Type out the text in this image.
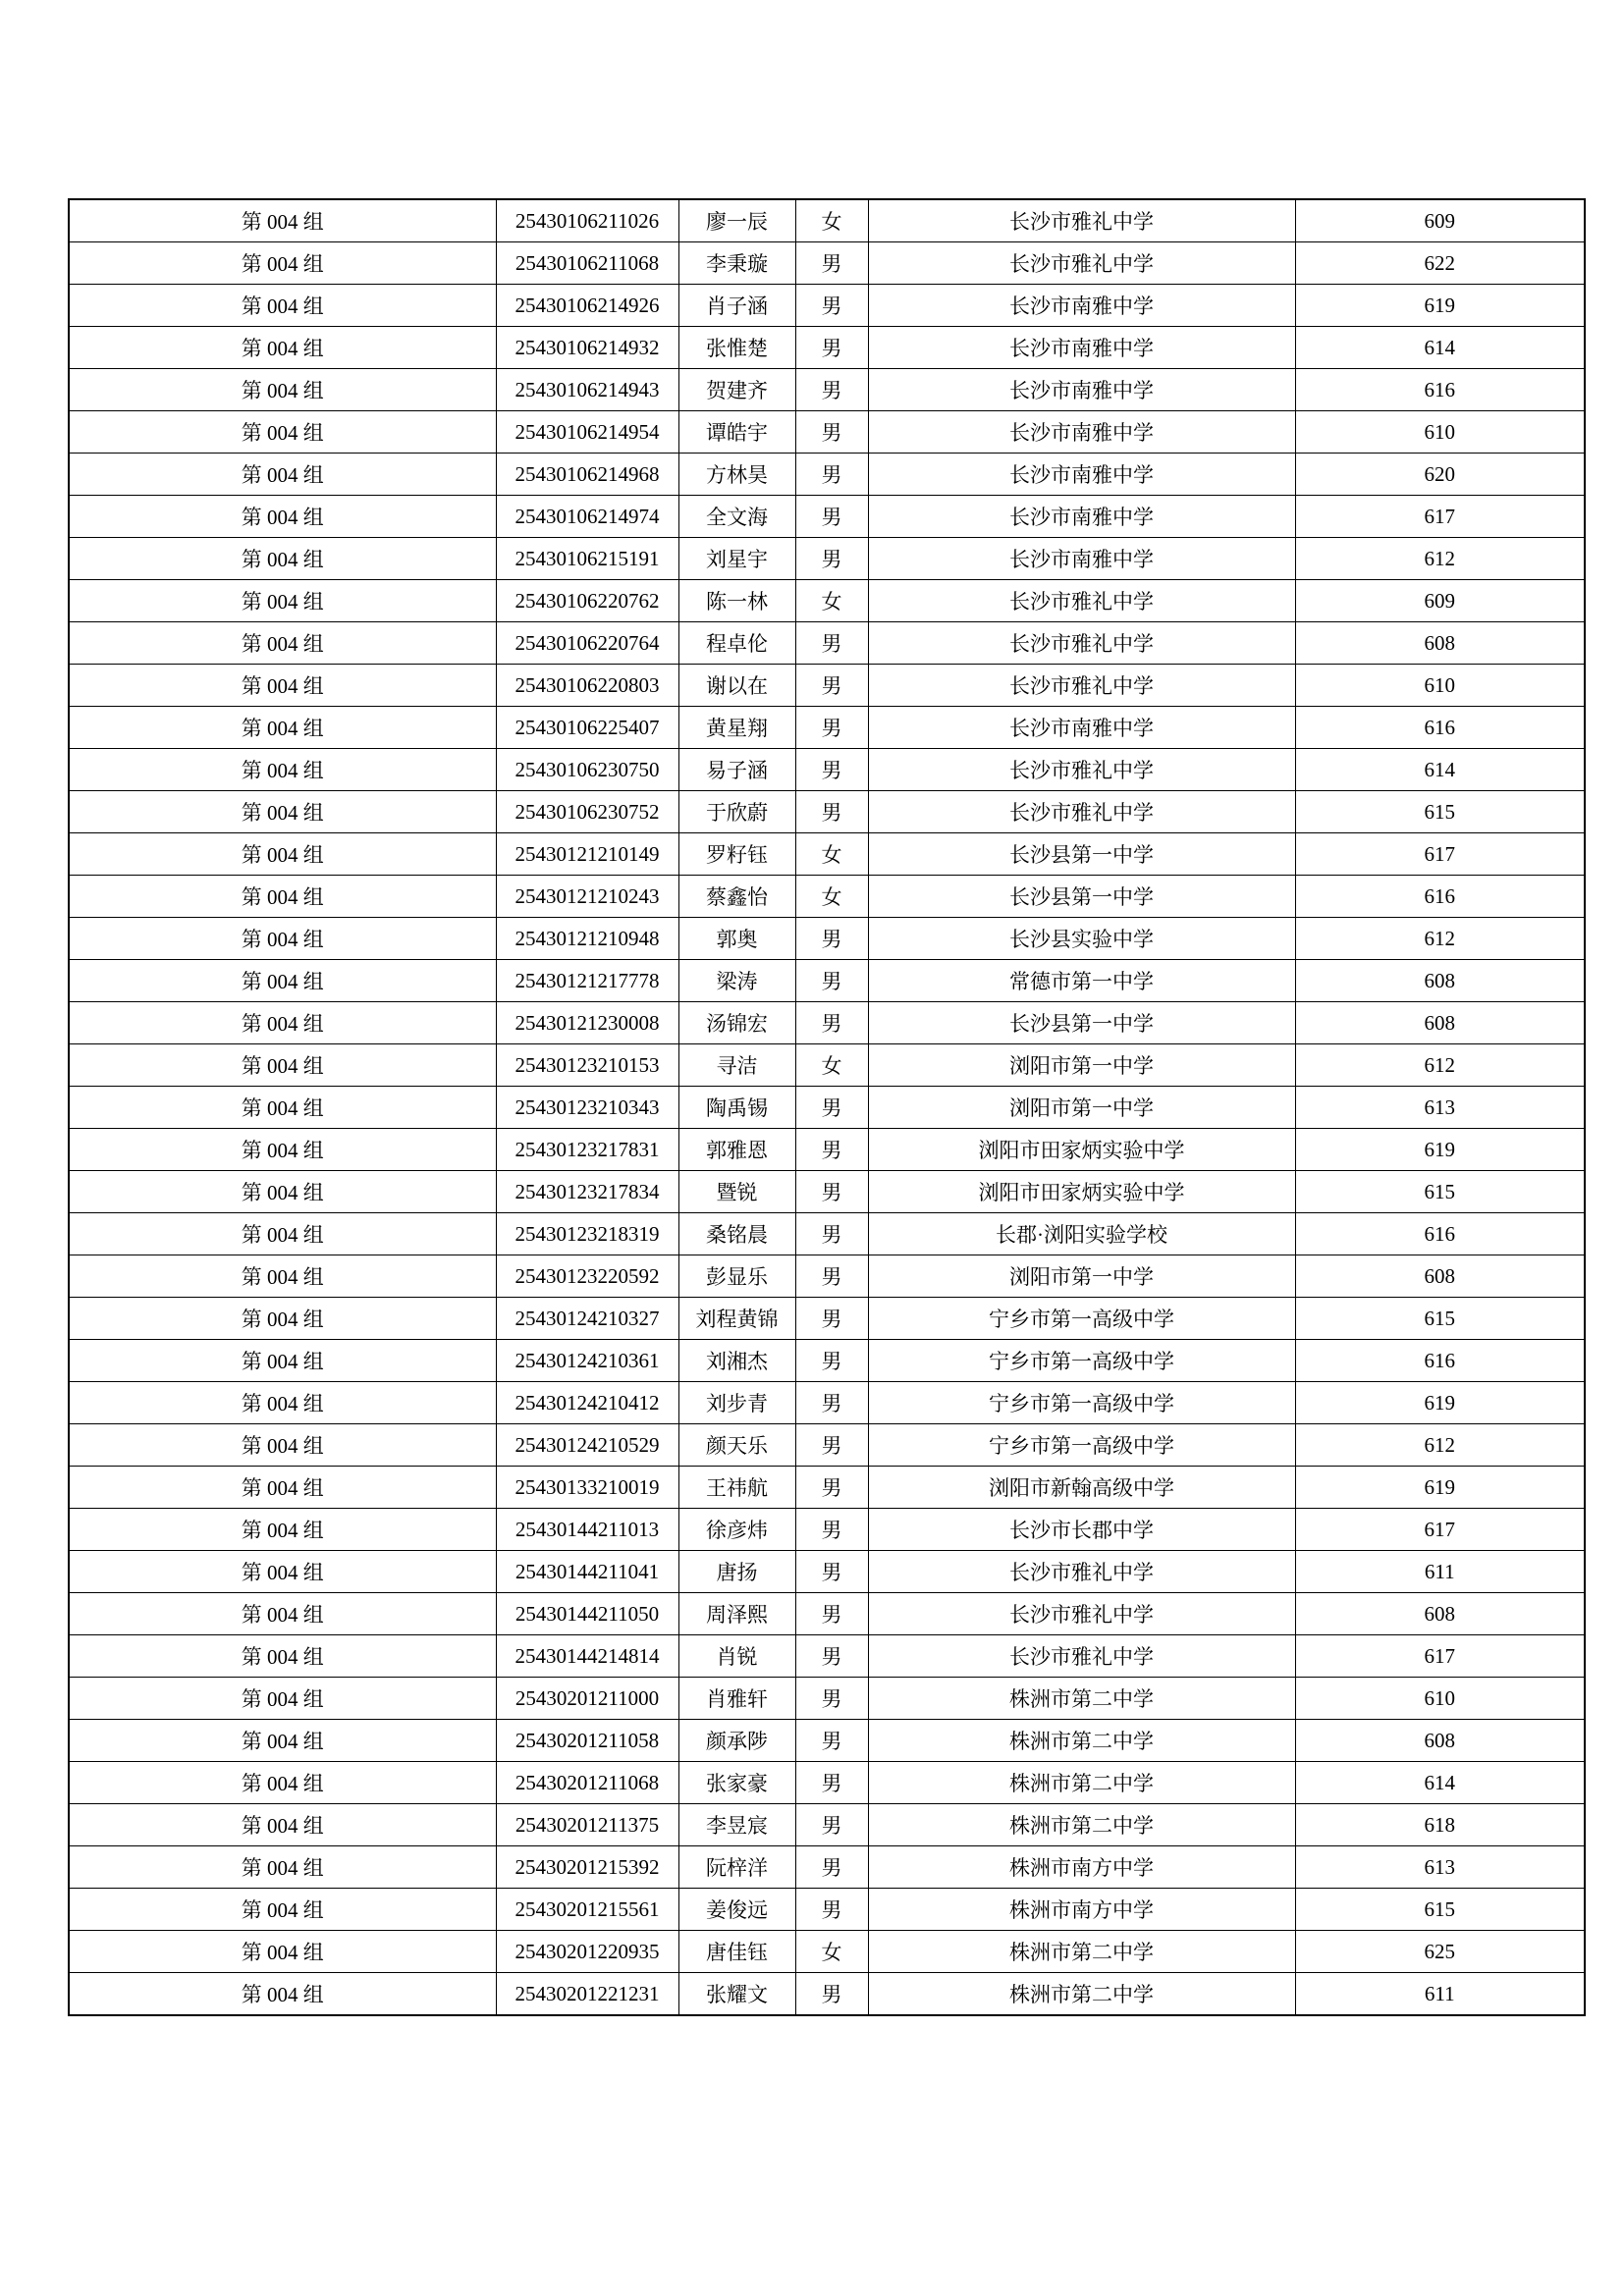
第 004 组	25430106211026	廖一辰	女	长沙市雅礼中学	609
第 004 组	25430106211068	李秉璇	男	长沙市雅礼中学	622
第 004 组	25430106214926	肖子涵	男	长沙市南雅中学	619
第 004 组	25430106214932	张惟楚	男	长沙市南雅中学	614
第 004 组	25430106214943	贺建齐	男	长沙市南雅中学	616
第 004 组	25430106214954	谭皓宇	男	长沙市南雅中学	610
第 004 组	25430106214968	方林昊	男	长沙市南雅中学	620
第 004 组	25430106214974	全文海	男	长沙市南雅中学	617
第 004 组	25430106215191	刘星宇	男	长沙市南雅中学	612
第 004 组	25430106220762	陈一林	女	长沙市雅礼中学	609
第 004 组	25430106220764	程卓伦	男	长沙市雅礼中学	608
第 004 组	25430106220803	谢以在	男	长沙市雅礼中学	610
第 004 组	25430106225407	黄星翔	男	长沙市南雅中学	616
第 004 组	25430106230750	易子涵	男	长沙市雅礼中学	614
第 004 组	25430106230752	于欣蔚	男	长沙市雅礼中学	615
第 004 组	25430121210149	罗籽钰	女	长沙县第一中学	617
第 004 组	25430121210243	蔡鑫怡	女	长沙县第一中学	616
第 004 组	25430121210948	郭奥	男	长沙县实验中学	612
第 004 组	25430121217778	梁涛	男	常德市第一中学	608
第 004 组	25430121230008	汤锦宏	男	长沙县第一中学	608
第 004 组	25430123210153	寻洁	女	浏阳市第一中学	612
第 004 组	25430123210343	陶禹锡	男	浏阳市第一中学	613
第 004 组	25430123217831	郭雅恩	男	浏阳市田家炳实验中学	619
第 004 组	25430123217834	暨锐	男	浏阳市田家炳实验中学	615
第 004 组	25430123218319	桑铭晨	男	长郡·浏阳实验学校	616
第 004 组	25430123220592	彭显乐	男	浏阳市第一中学	608
第 004 组	25430124210327	刘程黄锦	男	宁乡市第一高级中学	615
第 004 组	25430124210361	刘湘杰	男	宁乡市第一高级中学	616
第 004 组	25430124210412	刘步青	男	宁乡市第一高级中学	619
第 004 组	25430124210529	颜天乐	男	宁乡市第一高级中学	612
第 004 组	25430133210019	王祎航	男	浏阳市新翰高级中学	619
第 004 组	25430144211013	徐彦炜	男	长沙市长郡中学	617
第 004 组	25430144211041	唐扬	男	长沙市雅礼中学	611
第 004 组	25430144211050	周泽熙	男	长沙市雅礼中学	608
第 004 组	25430144214814	肖锐	男	长沙市雅礼中学	617
第 004 组	25430201211000	肖雅轩	男	株洲市第二中学	610
第 004 组	25430201211058	颜承陟	男	株洲市第二中学	608
第 004 组	25430201211068	张家豪	男	株洲市第二中学	614
第 004 组	25430201211375	李昱宸	男	株洲市第二中学	618
第 004 组	25430201215392	阮梓洋	男	株洲市南方中学	613
第 004 组	25430201215561	姜俊远	男	株洲市南方中学	615
第 004 组	25430201220935	唐佳钰	女	株洲市第二中学	625
第 004 组	25430201221231	张耀文	男	株洲市第二中学	611
